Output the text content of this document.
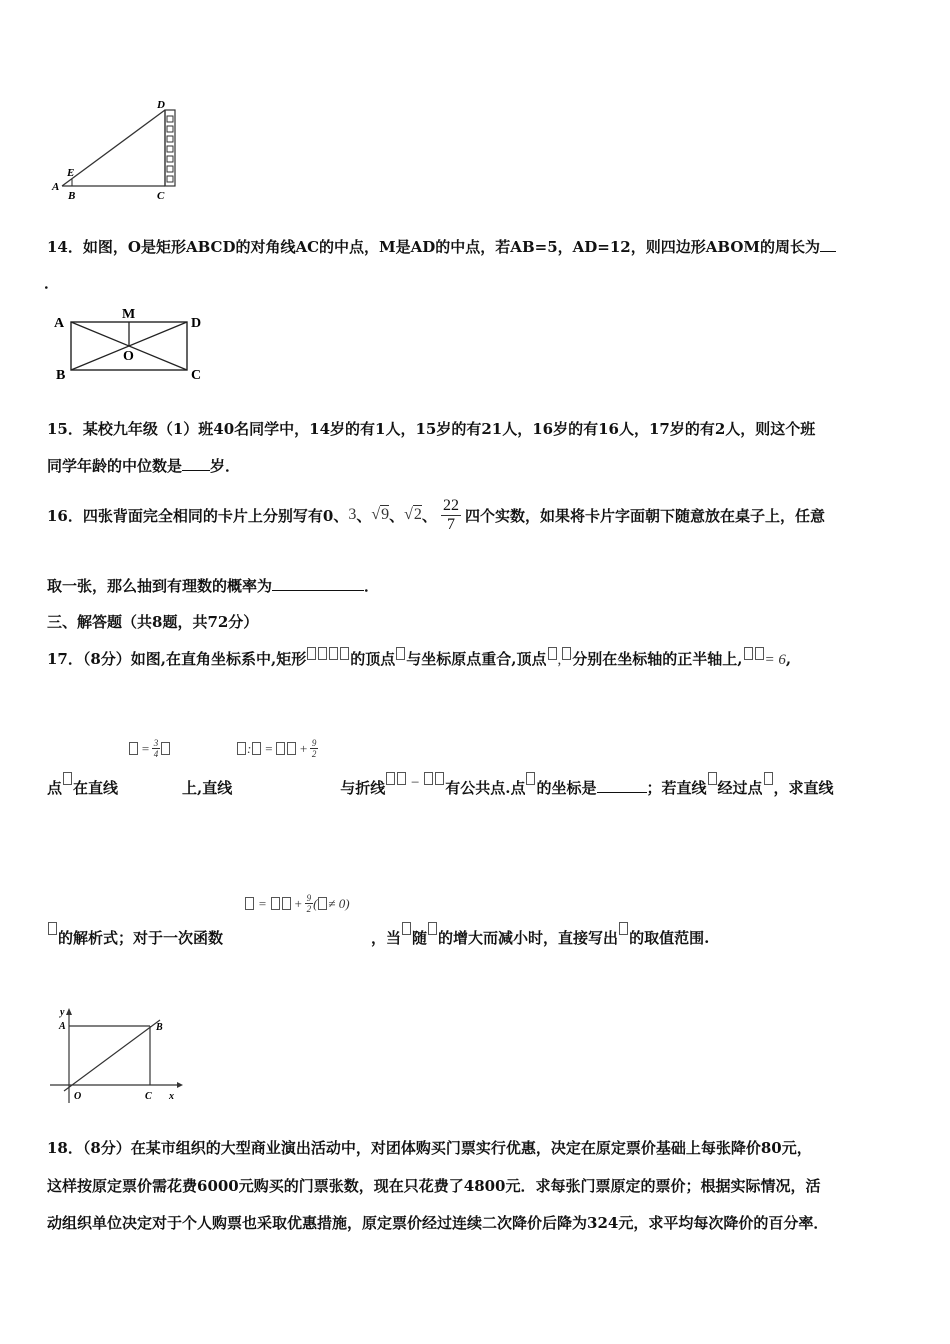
D
E
A
B	C
14．如图，O是矩形ABCD的对角线AC的中点，M是AD的中点，若AB=5，AD=12，则四边形ABOM的周长为
．
A
M
D
O
B	C
15．某校九年级（1）班40名同学中，14岁的有1人，15岁的有21人，16岁的有16人，17岁的有2人，则这个班
同学年龄的中位数是 岁．
16．四张背面完全相同的卡片上分别写有0、 3 、 √9 、 √2 、 $\frac{22}{7}$ 四个实数，如果将卡片字面朝下随意放在桌子上，任意
取一张，那么抽到有理数的概率为	．
三、解答题（共8题，共72分）
17．（8分）如图,在直角坐标系中,矩形	的顶点 与坐标原点重合,顶点 , 分别在坐标轴的正半轴上, = 6,
= $\frac{3}{4}$	: = + $\frac{9}{2}$
点 在直线	上,直线	与折线 − 有公共点.点 的坐标是	；若直线 经过点 ，求直线
= + $\frac{9}{2}$ ( ≠ 0)
的解析式；对于一次函数	，当 随 的增大而减小时，直接写出 的取值范围.
y
A	B
O	C x
18．（8分）在某市组织的大型商业演出活动中，对团体购买门票实行优惠，决定在原定票价基础上每张降价80元，
这样按原定票价需花费6000元购买的门票张数，现在只花费了4800元．求每张门票原定的票价；根据实际情况，活
动组织单位决定对于个人购票也采取优惠措施，原定票价经过连续二次降价后降为324元，求平均每次降价的百分率．
